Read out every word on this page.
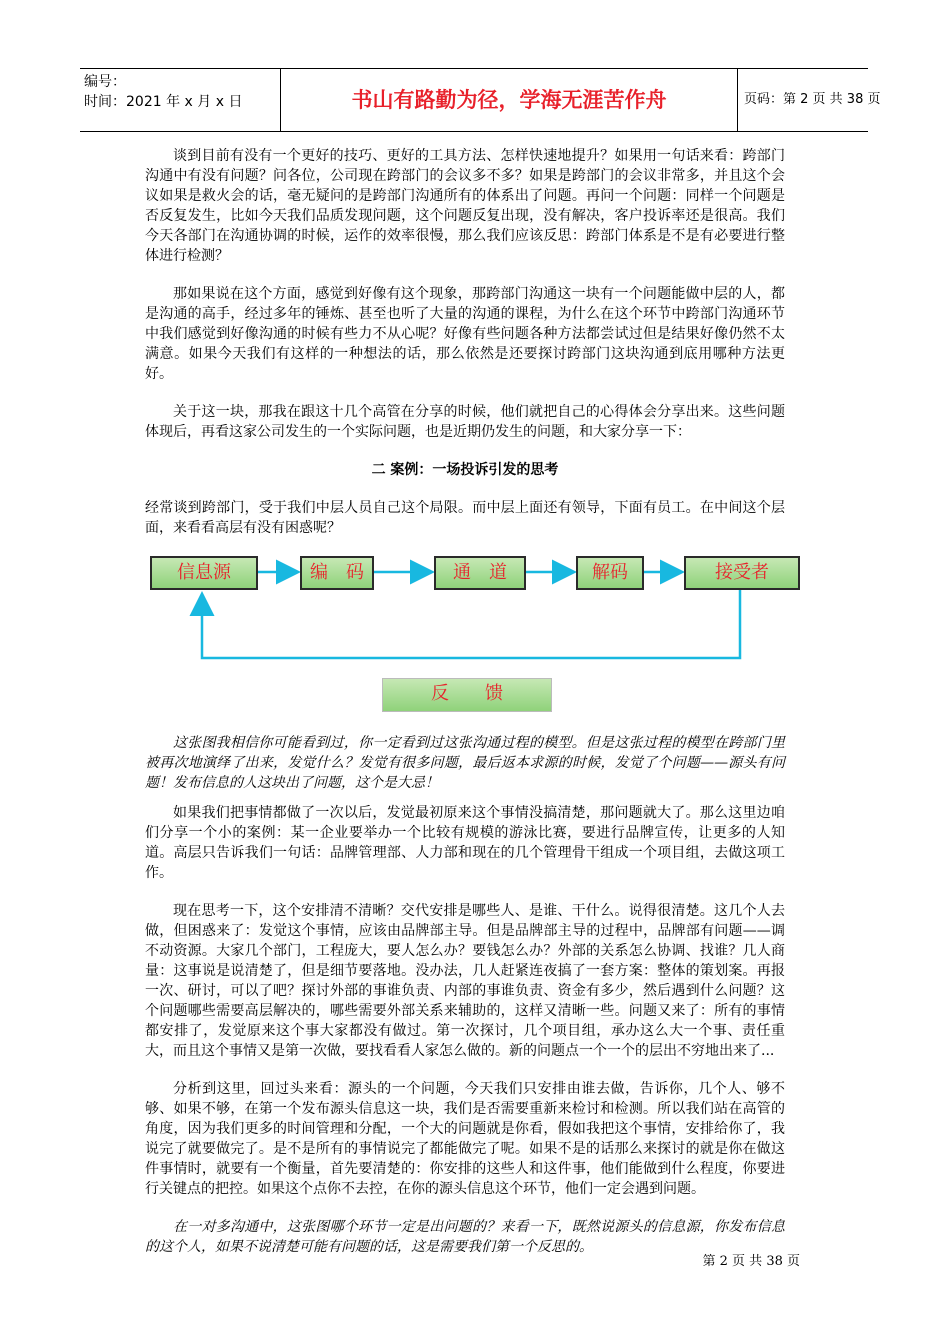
编号：
时间：2021 年 x 月 x 日	书山有路勤为径，学海无涯苦作舟	页码：第 2 页 共 38 页

谈到目前有没有一个更好的技巧、更好的工具方法、怎样快速地提升？如果用一句话来看：跨部门沟通中有没有问题？问各位，公司现在跨部门的会议多不多？如果是跨部门的会议非常多，并且这个会议如果是救火会的话，毫无疑问的是跨部门沟通所有的体系出了问题。再问一个问题：同样一个问题是否反复发生，比如今天我们品质发现问题，这个问题反复出现，没有解决，客户投诉率还是很高。我们今天各部门在沟通协调的时候，运作的效率很慢，那么我们应该反思：跨部门体系是不是有必要进行整体进行检测？

那如果说在这个方面，感觉到好像有这个现象，那跨部门沟通这一块有一个问题能做中层的人，都是沟通的高手，经过多年的锤炼、甚至也听了大量的沟通的课程，为什么在这个环节中跨部门沟通环节中我们感觉到好像沟通的时候有些力不从心呢？好像有些问题各种方法都尝试过但是结果好像仍然不太满意。如果今天我们有这样的一种想法的话，那么依然是还要探讨跨部门这块沟通到底用哪种方法更好。

关于这一块，那我在跟这十几个高管在分享的时候，他们就把自己的心得体会分享出来。这些问题体现后，再看这家公司发生的一个实际问题，也是近期仍发生的问题，和大家分享一下：

二 案例：一场投诉引发的思考

经常谈到跨部门，受于我们中层人员自己这个局限。而中层上面还有领导，下面有员工。在中间这个层面，来看看高层有没有困惑呢？

这张图我相信你可能看到过，你一定看到过这张沟通过程的模型。但是这张过程的模型在跨部门里被再次地演绎了出来，发觉什么？发觉有很多问题，最后返本求源的时候，发觉了个问题——源头有问题！发布信息的人这块出了问题，这个是大忌！

如果我们把事情都做了一次以后，发觉最初原来这个事情没搞清楚，那问题就大了。那么这里边咱们分享一个小的案例：某一企业要举办一个比较有规模的游泳比赛，要进行品牌宣传，让更多的人知道。高层只告诉我们一句话：品牌管理部、人力部和现在的几个管理骨干组成一个项目组，去做这项工作。

现在思考一下，这个安排清不清晰？交代安排是哪些人、是谁、干什么。说得很清楚。这几个人去做，但困惑来了：发觉这个事情，应该由品牌部主导。但是品牌部主导的过程中，品牌部有问题——调不动资源。大家几个部门，工程庞大，要人怎么办？要钱怎么办？外部的关系怎么协调、找谁？几人商量：这事说是说清楚了，但是细节要落地。没办法，几人赶紧连夜搞了一套方案：整体的策划案。再报一次、研讨，可以了吧？探讨外部的事谁负责、内部的事谁负责、资金有多少，然后遇到什么问题？这个问题哪些需要高层解决的，哪些需要外部关系来辅助的，这样又清晰一些。问题又来了：所有的事情都安排了，发觉原来这个事大家都没有做过。第一次探讨，几个项目组，承办这么大一个事、责任重大，而且这个事情又是第一次做，要找看看人家怎么做的。新的问题点一个一个的层出不穷地出来了...

分析到这里，回过头来看：源头的一个问题，今天我们只安排由谁去做，告诉你，几个人、够不够、如果不够，在第一个发布源头信息这一块，我们是否需要重新来检讨和检测。所以我们站在高管的角度，因为我们更多的时间管理和分配，一个大的问题就是你看，假如我把这个事情，安排给你了，我说完了就要做完了。是不是所有的事情说完了都能做完了呢。如果不是的话那么来探讨的就是你在做这件事情时，就要有一个衡量，首先要清楚的：你安排的这些人和这件事，他们能做到什么程度，你要进行关键点的把控。如果这个点你不去控，在你的源头信息这个环节，他们一定会遇到问题。

在一对多沟通中，这张图哪个环节一定是出问题的？来看一下，既然说源头的信息源，你发布信息的这个人，如果不说清楚可能有问题的话，这是需要我们第一个反思的。

信息源	编　码	通　道	解码	接受者
反　　馈
第 2 页 共 38 页
